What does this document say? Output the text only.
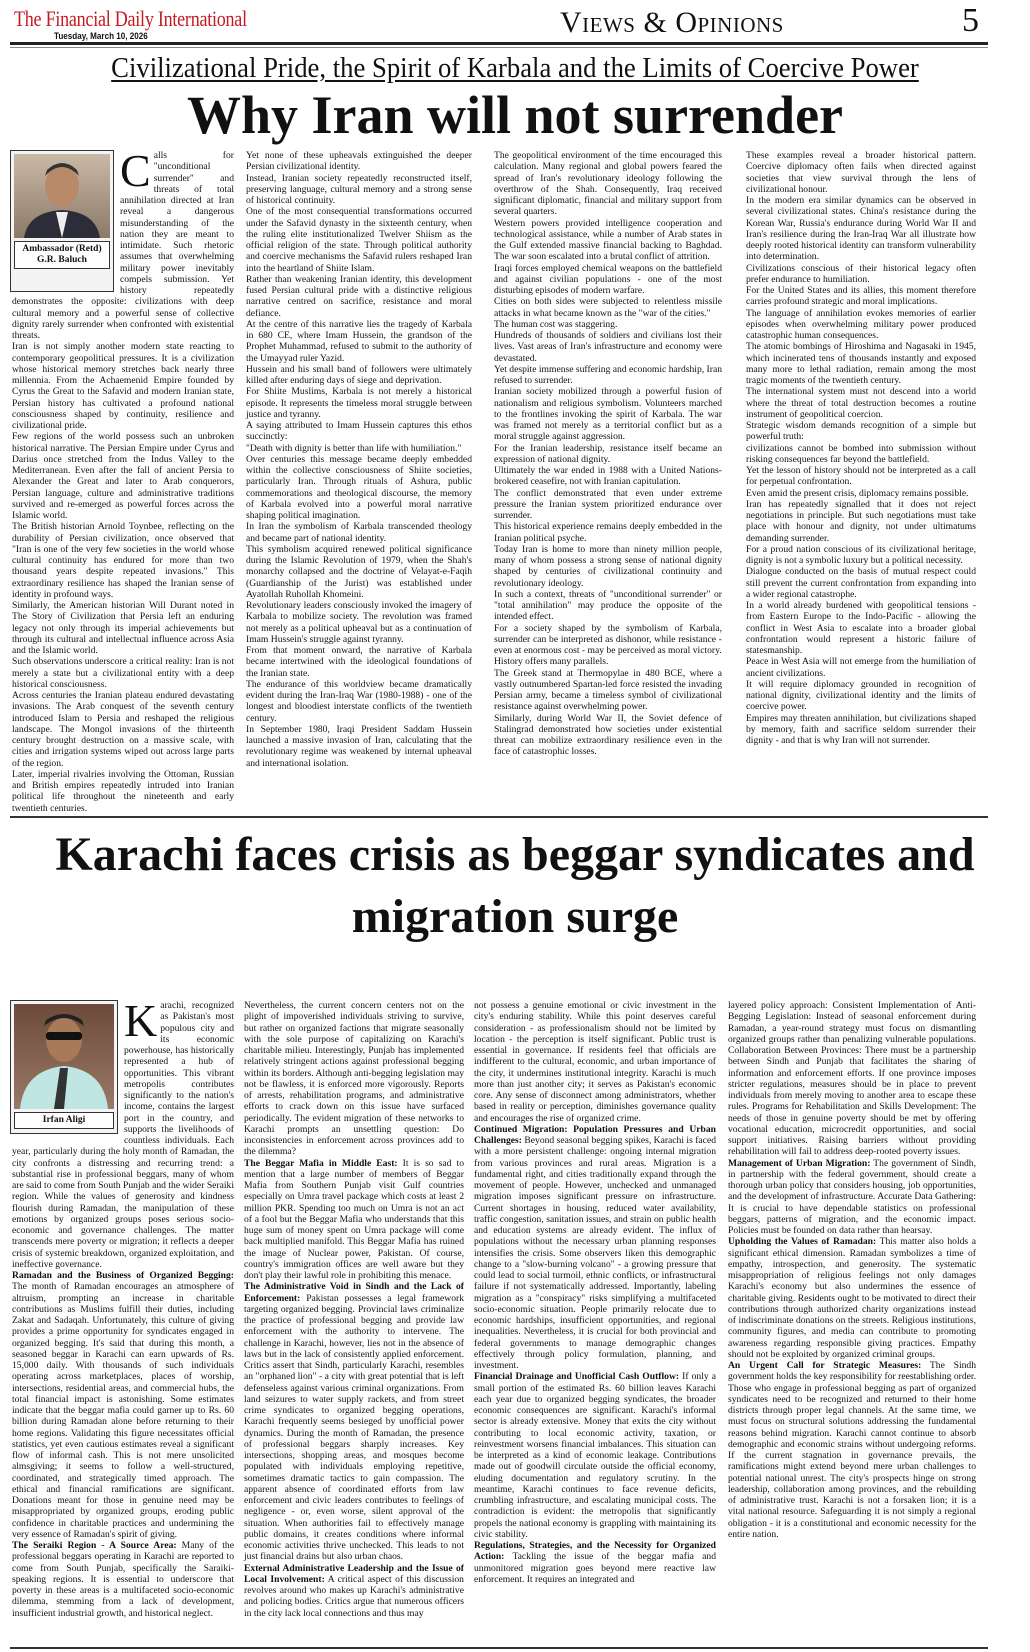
The Financial Daily International
Tuesday, March 10, 2026	Views & Opinions	5
Civilizational Pride, the Spirit of Karbala and the Limits of Coercive Power
Why Iran will not surrender
Ambassador (Retd)
G.R. Baluch

Calls for "unconditional surrender" and threats of total annihilation directed at Iran reveal a dangerous misunderstanding of the nation they are meant to intimidate. Such rhetoric assumes that overwhelming military power inevitably compels submission. Yet history repeatedly demonstrates the opposite: civilizations with deep cultural memory and a powerful sense of collective dignity rarely surrender when confronted with existential threats.

Iran is not simply another modern state reacting to contemporary geopolitical pressures. It is a civilization whose historical memory stretches back nearly three millennia. From the Achaemenid Empire founded by Cyrus the Great to the Safavid and modern Iranian state, Persian history has cultivated a profound national consciousness shaped by continuity, resilience and civilizational pride.

Few regions of the world possess such an unbroken historical narrative. The Persian Empire under Cyrus and Darius once stretched from the Indus Valley to the Mediterranean. Even after the fall of ancient Persia to Alexander the Great and later to Arab conquerors, Persian language, culture and administrative traditions survived and re-emerged as powerful forces across the Islamic world.

The British historian Arnold Toynbee, reflecting on the durability of Persian civilization, once observed that "Iran is one of the very few societies in the world whose cultural continuity has endured for more than two thousand years despite repeated invasions." This extraordinary resilience has shaped the Iranian sense of identity in profound ways.

Similarly, the American historian Will Durant noted in The Story of Civilization that Persia left an enduring legacy not only through its imperial achievements but through its cultural and intellectual influence across Asia and the Islamic world.

Such observations underscore a critical reality: Iran is not merely a state but a civilizational entity with a deep historical consciousness.

Across centuries the Iranian plateau endured devastating invasions. The Arab conquest of the seventh century introduced Islam to Persia and reshaped the religious landscape. The Mongol invasions of the thirteenth century brought destruction on a massive scale, with cities and irrigation systems wiped out across large parts of the region.

Later, imperial rivalries involving the Ottoman, Russian and British empires repeatedly intruded into Iranian political life throughout the nineteenth and early twentieth centuries.

Yet none of these upheavals extinguished the deeper Persian civilizational identity.

Instead, Iranian society repeatedly reconstructed itself, preserving language, cultural memory and a strong sense of historical continuity.

One of the most consequential transformations occurred under the Safavid dynasty in the sixteenth century, when the ruling elite institutionalized Twelver Shiism as the official religion of the state. Through political authority and coercive mechanisms the Safavid rulers reshaped Iran into the heartland of Shiite Islam.

Rather than weakening Iranian identity, this development fused Persian cultural pride with a distinctive religious narrative centred on sacrifice, resistance and moral defiance.

At the centre of this narrative lies the tragedy of Karbala in 680 CE, where Imam Hussein, the grandson of the Prophet Muhammad, refused to submit to the authority of the Umayyad ruler Yazid.

Hussein and his small band of followers were ultimately killed after enduring days of siege and deprivation.

For Shiite Muslims, Karbala is not merely a historical episode. It represents the timeless moral struggle between justice and tyranny.

A saying attributed to Imam Hussein captures this ethos succinctly:

"Death with dignity is better than life with humiliation."

Over centuries this message became deeply embedded within the collective consciousness of Shiite societies, particularly Iran. Through rituals of Ashura, public commemorations and theological discourse, the memory of Karbala evolved into a powerful moral narrative shaping political imagination.

In Iran the symbolism of Karbala transcended theology and became part of national identity.

This symbolism acquired renewed political significance during the Islamic Revolution of 1979, when the Shah's monarchy collapsed and the doctrine of Velayat-e-Faqih (Guardianship of the Jurist) was established under Ayatollah Ruhollah Khomeini.

Revolutionary leaders consciously invoked the imagery of Karbala to mobilize society. The revolution was framed not merely as a political upheaval but as a continuation of Imam Hussein's struggle against tyranny.

From that moment onward, the narrative of Karbala became intertwined with the ideological foundations of the Iranian state.

The endurance of this worldview became dramatically evident during the Iran-Iraq War (1980-1988) - one of the longest and bloodiest interstate conflicts of the twentieth century.

In September 1980, Iraqi President Saddam Hussein launched a massive invasion of Iran, calculating that the revolutionary regime was weakened by internal upheaval and international isolation.

The geopolitical environment of the time encouraged this calculation. Many regional and global powers feared the spread of Iran's revolutionary ideology following the overthrow of the Shah. Consequently, Iraq received significant diplomatic, financial and military support from several quarters.

Western powers provided intelligence cooperation and technological assistance, while a number of Arab states in the Gulf extended massive financial backing to Baghdad. The war soon escalated into a brutal conflict of attrition.

Iraqi forces employed chemical weapons on the battlefield and against civilian populations - one of the most disturbing episodes of modern warfare.

Cities on both sides were subjected to relentless missile attacks in what became known as the "war of the cities."

The human cost was staggering.

Hundreds of thousands of soldiers and civilians lost their lives. Vast areas of Iran's infrastructure and economy were devastated.

Yet despite immense suffering and economic hardship, Iran refused to surrender.

Iranian society mobilized through a powerful fusion of nationalism and religious symbolism. Volunteers marched to the frontlines invoking the spirit of Karbala. The war was framed not merely as a territorial conflict but as a moral struggle against aggression.

For the Iranian leadership, resistance itself became an expression of national dignity.

Ultimately the war ended in 1988 with a United Nations-brokered ceasefire, not with Iranian capitulation.

The conflict demonstrated that even under extreme pressure the Iranian system prioritized endurance over surrender.

This historical experience remains deeply embedded in the Iranian political psyche.

Today Iran is home to more than ninety million people, many of whom possess a strong sense of national dignity shaped by centuries of civilizational continuity and revolutionary ideology.

In such a context, threats of "unconditional surrender" or "total annihilation" may produce the opposite of the intended effect.

For a society shaped by the symbolism of Karbala, surrender can be interpreted as dishonor, while resistance - even at enormous cost - may be perceived as moral victory.

History offers many parallels.

The Greek stand at Thermopylae in 480 BCE, where a vastly outnumbered Spartan-led force resisted the invading Persian army, became a timeless symbol of civilizational resistance against overwhelming power.

Similarly, during World War II, the Soviet defence of Stalingrad demonstrated how societies under existential threat can mobilize extraordinary resilience even in the face of catastrophic losses.

These examples reveal a broader historical pattern. Coercive diplomacy often fails when directed against societies that view survival through the lens of civilizational honour.

In the modern era similar dynamics can be observed in several civilizational states. China's resistance during the Korean War, Russia's endurance during World War II and Iran's resilience during the Iran-Iraq War all illustrate how deeply rooted historical identity can transform vulnerability into determination.

Civilizations conscious of their historical legacy often prefer endurance to humiliation.

For the United States and its allies, this moment therefore carries profound strategic and moral implications.

The language of annihilation evokes memories of earlier episodes when overwhelming military power produced catastrophic human consequences.

The atomic bombings of Hiroshima and Nagasaki in 1945, which incinerated tens of thousands instantly and exposed many more to lethal radiation, remain among the most tragic moments of the twentieth century.

The international system must not descend into a world where the threat of total destruction becomes a routine instrument of geopolitical coercion.

Strategic wisdom demands recognition of a simple but powerful truth:

civilizations cannot be bombed into submission without risking consequences far beyond the battlefield.

Yet the lesson of history should not be interpreted as a call for perpetual confrontation.

Even amid the present crisis, diplomacy remains possible.

Iran has repeatedly signalled that it does not reject negotiations in principle. But such negotiations must take place with honour and dignity, not under ultimatums demanding surrender.

For a proud nation conscious of its civilizational heritage, dignity is not a symbolic luxury but a political necessity.

Dialogue conducted on the basis of mutual respect could still prevent the current confrontation from expanding into a wider regional catastrophe.

In a world already burdened with geopolitical tensions - from Eastern Europe to the Indo-Pacific - allowing the conflict in West Asia to escalate into a broader global confrontation would represent a historic failure of statesmanship.

Peace in West Asia will not emerge from the humiliation of ancient civilizations.

It will require diplomacy grounded in recognition of national dignity, civilizational identity and the limits of coercive power.

Empires may threaten annihilation, but civilizations shaped by memory, faith and sacrifice seldom surrender their dignity - and that is why Iran will not surrender.

Karachi faces crisis as beggar syndicates and migration surge
Irfan Aligi

Karachi, recognized as Pakistan's most populous city and its economic powerhouse, has historically represented a hub of opportunities. This vibrant metropolis contributes significantly to the nation's income, contains the largest port in the country, and supports the livelihoods of countless individuals. Each year, particularly during the holy month of Ramadan, the city confronts a distressing and recurring trend: a substantial rise in professional beggars, many of whom are said to come from South Punjab and the wider Seraiki region. While the values of generosity and kindness flourish during Ramadan, the manipulation of these emotions by organized groups poses serious socio-economic and governance challenges. The matter transcends mere poverty or migration; it reflects a deeper crisis of systemic breakdown, organized exploitation, and ineffective governance.

Ramadan and the Business of Organized Begging: The month of Ramadan encourages an atmosphere of altruism, prompting an increase in charitable contributions as Muslims fulfill their duties, including Zakat and Sadaqah. Unfortunately, this culture of giving provides a prime opportunity for syndicates engaged in organized begging. It's said that during this month, a seasoned beggar in Karachi can earn upwards of Rs. 15,000 daily. With thousands of such individuals operating across marketplaces, places of worship, intersections, residential areas, and commercial hubs, the total financial impact is astonishing. Some estimates indicate that the beggar mafia could garner up to Rs. 60 billion during Ramadan alone before returning to their home regions. Validating this figure necessitates official statistics, yet even cautious estimates reveal a significant flow of informal cash. This is not mere unsolicited almsgiving; it seems to follow a well-structured, coordinated, and strategically timed approach. The ethical and financial ramifications are significant. Donations meant for those in genuine need may be misappropriated by organized groups, eroding public confidence in charitable practices and undermining the very essence of Ramadan's spirit of giving.

The Seraiki Region - A Source Area: Many of the professional beggars operating in Karachi are reported to come from South Punjab, specifically the Saraiki-speaking regions. It is essential to underscore that poverty in these areas is a multifaceted socio-economic dilemma, stemming from a lack of development, insufficient industrial growth, and historical neglect.

Nevertheless, the current concern centers not on the plight of impoverished individuals striving to survive, but rather on organized factions that migrate seasonally with the sole purpose of capitalizing on Karachi's charitable milieu. Interestingly, Punjab has implemented relatively stringent actions against professional begging within its borders. Although anti-begging legislation may not be flawless, it is enforced more vigorously. Reports of arrests, rehabilitation programs, and administrative efforts to crack down on this issue have surfaced periodically. The evident migration of these networks to Karachi prompts an unsettling question: Do inconsistencies in enforcement across provinces add to the dilemma?

The Beggar Mafia in Middle East: It is so sad to mention that a large number of members of Beggar Mafia from Southern Punjab visit Gulf countries especially on Umra travel package which costs at least 2 million PKR. Spending too much on Umra is not an act of a fool but the Beggar Mafia who understands that this huge sum of money spent on Umra package will come back multiplied manifold. This Beggar Mafia has ruined the image of Nuclear power, Pakistan. Of course, country's immigration offices are well aware but they don't play their lawful role in prohibiting this menace.

The Administrative Void in Sindh and the Lack of Enforcement: Pakistan possesses a legal framework targeting organized begging. Provincial laws criminalize the practice of professional begging and provide law enforcement with the authority to intervene. The challenge in Karachi, however, lies not in the absence of laws but in the lack of consistently applied enforcement. Critics assert that Sindh, particularly Karachi, resembles an "orphaned lion" - a city with great potential that is left defenseless against various criminal organizations. From land seizures to water supply rackets, and from street crime syndicates to organized begging operations, Karachi frequently seems besieged by unofficial power dynamics. During the month of Ramadan, the presence of professional beggars sharply increases. Key intersections, shopping areas, and mosques become populated with individuals employing repetitive, sometimes dramatic tactics to gain compassion. The apparent absence of coordinated efforts from law enforcement and civic leaders contributes to feelings of negligence - or, even worse, silent approval of the situation. When authorities fail to effectively manage public domains, it creates conditions where informal economic activities thrive unchecked. This leads to not just financial drains but also urban chaos.

External Administrative Leadership and the Issue of Local Involvement: A critical aspect of this discussion revolves around who makes up Karachi's administrative and policing bodies. Critics argue that numerous officers in the city lack local connections and thus may

not possess a genuine emotional or civic investment in the city's enduring stability. While this point deserves careful consideration - as professionalism should not be limited by location - the perception is itself significant. Public trust is essential in governance. If residents feel that officials are indifferent to the cultural, economic, and urban importance of the city, it undermines institutional integrity. Karachi is much more than just another city; it serves as Pakistan's economic core. Any sense of disconnect among administrators, whether based in reality or perception, diminishes governance quality and encourages the rise of organized crime.

Continued Migration: Population Pressures and Urban Challenges: Beyond seasonal begging spikes, Karachi is faced with a more persistent challenge: ongoing internal migration from various provinces and rural areas. Migration is a fundamental right, and cities traditionally expand through the movement of people. However, unchecked and unmanaged migration imposes significant pressure on infrastructure. Current shortages in housing, reduced water availability, traffic congestion, sanitation issues, and strain on public health and education systems are already evident. The influx of populations without the necessary urban planning responses intensifies the crisis. Some observers liken this demographic change to a "slow-burning volcano" - a growing pressure that could lead to social turmoil, ethnic conflicts, or infrastructural failure if not systematically addressed. Importantly, labeling migration as a "conspiracy" risks simplifying a multifaceted socio-economic situation. People primarily relocate due to economic hardships, insufficient opportunities, and regional inequalities. Nevertheless, it is crucial for both provincial and federal governments to manage demographic changes effectively through policy formulation, planning, and investment.

Financial Drainage and Unofficial Cash Outflow: If only a small portion of the estimated Rs. 60 billion leaves Karachi each year due to organized begging syndicates, the broader economic consequences are significant. Karachi's informal sector is already extensive. Money that exits the city without contributing to local economic activity, taxation, or reinvestment worsens financial imbalances. This situation can be interpreted as a kind of economic leakage. Contributions made out of goodwill circulate outside the official economy, eluding documentation and regulatory scrutiny. In the meantime, Karachi continues to face revenue deficits, crumbling infrastructure, and escalating municipal costs. The contradiction is evident: the metropolis that significantly propels the national economy is grappling with maintaining its civic stability.

Regulations, Strategies, and the Necessity for Organized Action: Tackling the issue of the beggar mafia and unmonitored migration goes beyond mere reactive law enforcement. It requires an integrated and

layered policy approach: Consistent Implementation of Anti-Begging Legislation: Instead of seasonal enforcement during Ramadan, a year-round strategy must focus on dismantling organized groups rather than penalizing vulnerable populations. Collaboration Between Provinces: There must be a partnership between Sindh and Punjab that facilitates the sharing of information and enforcement efforts. If one province imposes stricter regulations, measures should be in place to prevent individuals from merely moving to another area to escape these rules. Programs for Rehabilitation and Skills Development: The needs of those in genuine poverty should be met by offering vocational education, microcredit opportunities, and social support initiatives. Raising barriers without providing rehabilitation will fail to address deep-rooted poverty issues.

Management of Urban Migration: The government of Sindh, in partnership with the federal government, should create a thorough urban policy that considers housing, job opportunities, and the development of infrastructure. Accurate Data Gathering: It is crucial to have dependable statistics on professional beggars, patterns of migration, and the economic impact. Policies must be founded on data rather than hearsay.

Upholding the Values of Ramadan: This matter also holds a significant ethical dimension. Ramadan symbolizes a time of empathy, introspection, and generosity. The systematic misappropriation of religious feelings not only damages Karachi's economy but also undermines the essence of charitable giving. Residents ought to be motivated to direct their contributions through authorized charity organizations instead of indiscriminate donations on the streets. Religious institutions, community figures, and media can contribute to promoting awareness regarding responsible giving practices. Empathy should not be exploited by organized criminal groups.

An Urgent Call for Strategic Measures: The Sindh government holds the key responsibility for reestablishing order. Those who engage in professional begging as part of organized syndicates need to be recognized and returned to their home districts through proper legal channels. At the same time, we must focus on structural solutions addressing the fundamental reasons behind migration. Karachi cannot continue to absorb demographic and economic strains without undergoing reforms. If the current stagnation in governance prevails, the ramifications might extend beyond mere urban challenges to potential national unrest. The city's prospects hinge on strong leadership, collaboration among provinces, and the rebuilding of administrative trust. Karachi is not a forsaken lion; it is a vital national resource. Safeguarding it is not simply a regional obligation - it is a constitutional and economic necessity for the entire nation.
